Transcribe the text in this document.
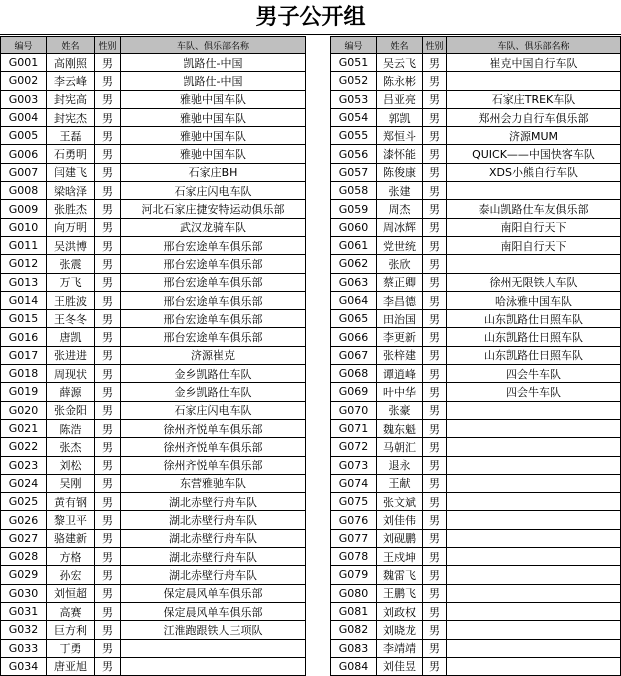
男子公开组
编号	姓名	性别	车队、俱乐部名称
G001	高刚照	男	凯路仕-中国
G002	李云峰	男	凯路仕-中国
G003	封宪高	男	雅驰中国车队
G004	封宪杰	男	雅驰中国车队
G005	王磊	男	雅驰中国车队
G006	石勇明	男	雅驰中国车队
G007	闫建飞	男	石家庄BH
G008	梁晗泽	男	石家庄闪电车队
G009	张胜杰	男	河北石家庄捷安特运动俱乐部
G010	向万明	男	武汉龙骑车队
G011	吴洪博	男	邢台宏途单车俱乐部
G012	张震	男	邢台宏途单车俱乐部
G013	万飞	男	邢台宏途单车俱乐部
G014	王胜波	男	邢台宏途单车俱乐部
G015	王冬冬	男	邢台宏途单车俱乐部
G016	唐凯	男	邢台宏途单车俱乐部
G017	张进进	男	济源崔克
G018	周现状	男	金乡凯路仕车队
G019	薛源	男	金乡凯路仕车队
G020	张金阳	男	石家庄闪电车队
G021	陈浩	男	徐州齐悦单车俱乐部
G022	张杰	男	徐州齐悦单车俱乐部
G023	刘松	男	徐州齐悦单车俱乐部
G024	吴刚	男	东营雅驰车队
G025	黄有钢	男	湖北赤壁行舟车队
G026	黎卫平	男	湖北赤壁行舟车队
G027	骆建新	男	湖北赤壁行舟车队
G028	方格	男	湖北赤壁行舟车队
G029	孙宏	男	湖北赤壁行舟车队
G030	刘恒超	男	保定晨风单车俱乐部
G031	高赛	男	保定晨风单车俱乐部
G032	巨方利	男	江淮跑跟铁人三项队
G033	丁勇	男	
G034	唐亚旭	男	
编号	姓名	性别	车队、俱乐部名称
G051	吴云飞	男	崔克中国自行车队
G052	陈永彬	男	
G053	吕亚亮	男	石家庄TREK车队
G054	郭凯	男	郑州会力自行车俱乐部
G055	郑恒斗	男	济源MUM
G056	漆怀能	男	QUICK——中国快客车队
G057	陈俊康	男	XDS小熊自行车队
G058	张建	男	
G059	周杰	男	泰山凯路仕车友俱乐部
G060	周冰辉	男	南阳自行天下
G061	党世统	男	南阳自行天下
G062	张欣	男	
G063	蔡正卿	男	徐州无限铁人车队
G064	李昌德	男	哈泳雅中国车队
G065	田治国	男	山东凯路仕日照车队
G066	李更新	男	山东凯路仕日照车队
G067	张梓建	男	山东凯路仕日照车队
G068	谭逍峰	男	四会牛车队
G069	叶中华	男	四会牛车队
G070	张豪	男	
G071	魏东魁	男	
G072	马朝汇	男	
G073	退永	男	
G074	王献	男	
G075	张文斌	男	
G076	刘佳伟	男	
G077	刘砚鹏	男	
G078	王戍坤	男	
G079	魏雷飞	男	
G080	王鹏飞	男	
G081	刘政权	男	
G082	刘晓龙	男	
G083	李靖靖	男	
G084	刘佳昱	男	
